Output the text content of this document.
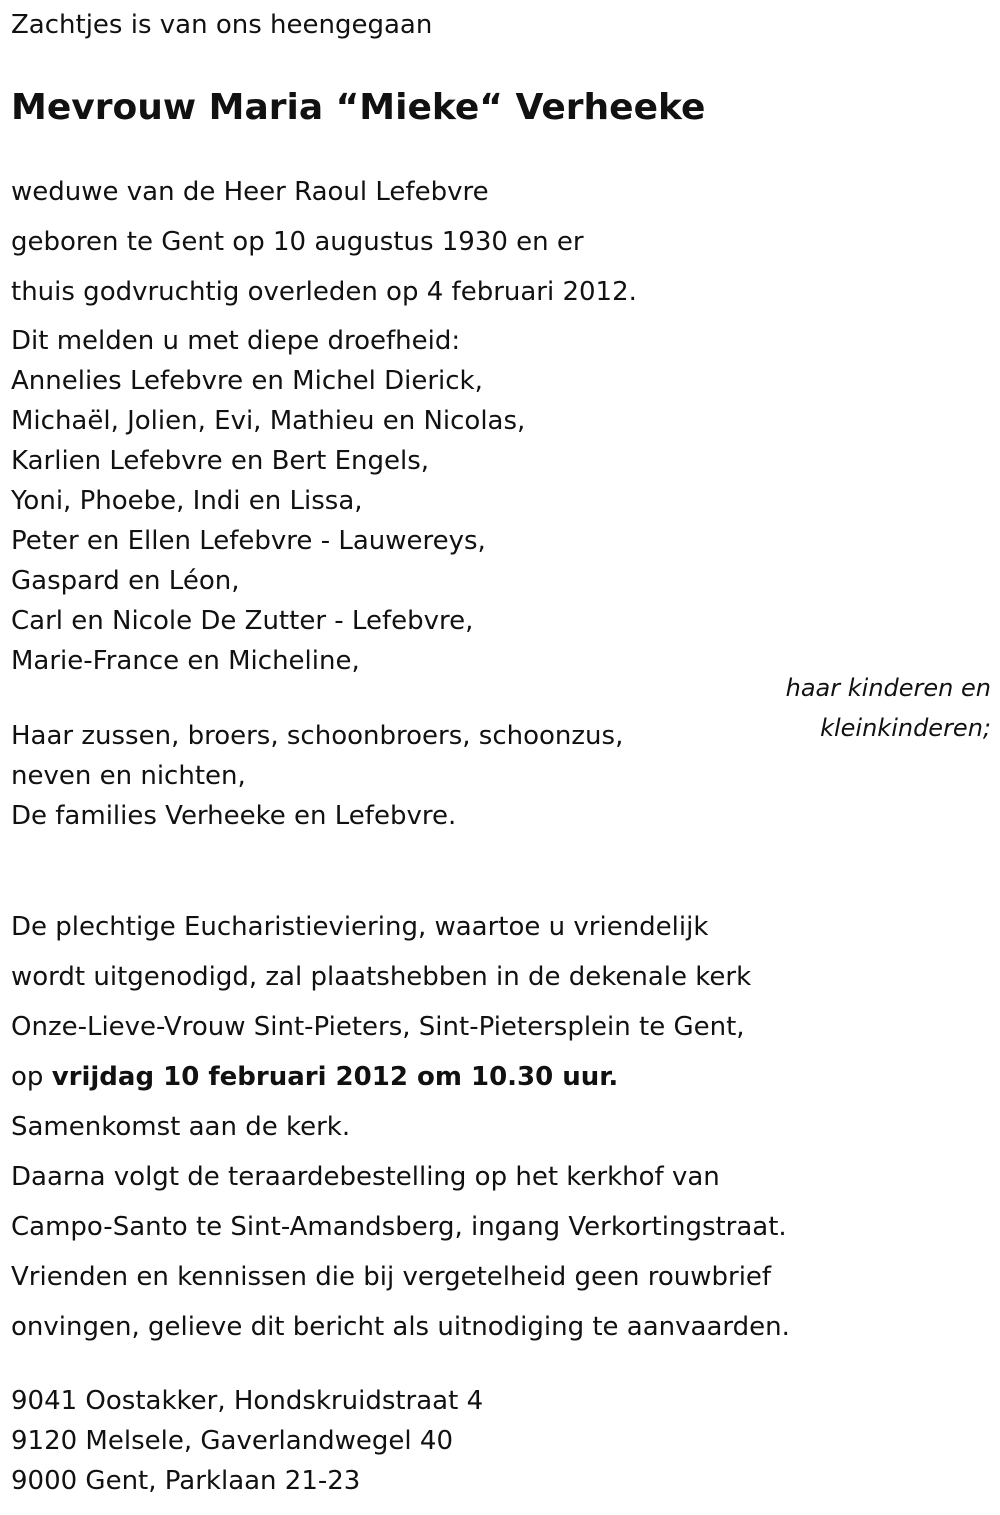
Zachtjes is van ons heengegaan
Mevrouw Maria “Mieke“ Verheeke
weduwe van de Heer Raoul Lefebvre
geboren te Gent op 10 augustus 1930 en er
thuis godvruchtig overleden op 4 februari 2012.
Dit melden u met diepe droefheid:
Annelies Lefebvre en Michel Dierick,
Michaël, Jolien, Evi, Mathieu en Nicolas,
Karlien Lefebvre en Bert Engels,
Yoni, Phoebe, Indi en Lissa,
Peter en Ellen Lefebvre - Lauwereys,
Gaspard en Léon,
Carl en Nicole De Zutter - Lefebvre,
Marie-France en Micheline,
haar kinderen en
kleinkinderen;
Haar zussen, broers, schoonbroers, schoonzus,
neven en nichten,
De families Verheeke en Lefebvre.
De plechtige Eucharistieviering, waartoe u vriendelijk
wordt uitgenodigd, zal plaatshebben in de dekenale kerk
Onze-Lieve-Vrouw Sint-Pieters, Sint-Pietersplein te Gent,
op vrijdag 10 februari 2012 om 10.30 uur.
Samenkomst aan de kerk.
Daarna volgt de teraardebestelling op het kerkhof van
Campo-Santo te Sint-Amandsberg, ingang Verkortingstraat.
Vrienden en kennissen die bij vergetelheid geen rouwbrief
onvingen, gelieve dit bericht als uitnodiging te aanvaarden.
9041 Oostakker, Hondskruidstraat 4
9120 Melsele, Gaverlandwegel 40
9000 Gent, Parklaan 21-23
